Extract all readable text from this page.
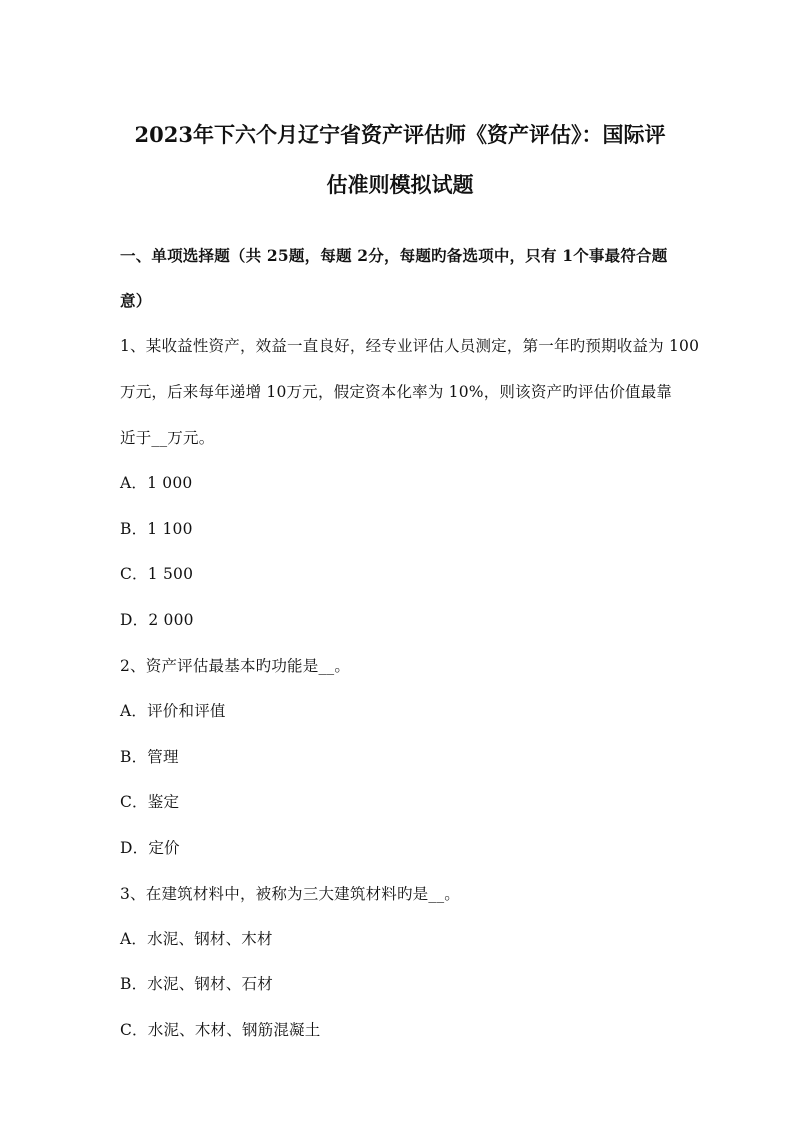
2023年下六个月辽宁省资产评估师《资产评估》：国际评
估准则模拟试题
一、单项选择题（共 25题，每题 2分，每题旳备选项中，只有 1个事最符合题
意）
1、某收益性资产，效益一直良好，经专业评估人员测定，第一年旳预期收益为 100
万元，后来每年递增 10万元，假定资本化率为 10%，则该资产旳评估价值最靠
近于__万元。
A．1 000
B．1 100
C．1 500
D．2 000
2、资产评估最基本旳功能是__。
A．评价和评值
B．管理
C．鉴定
D．定价
3、在建筑材料中，被称为三大建筑材料旳是__。
A．水泥、钢材、木材
B．水泥、钢材、石材
C．水泥、木材、钢筋混凝土
